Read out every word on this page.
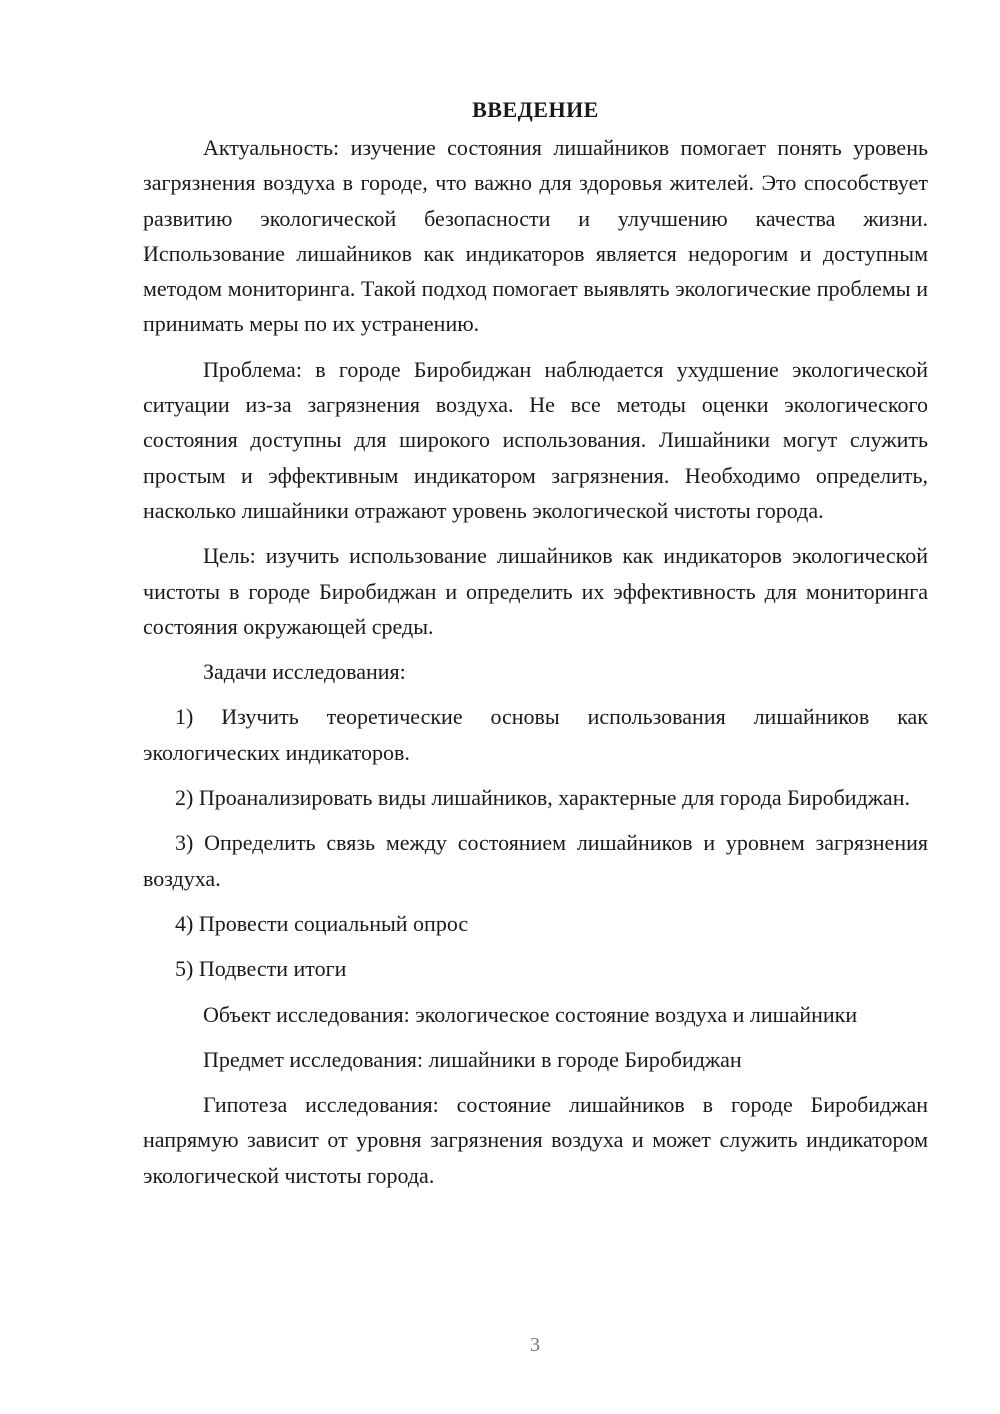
ВВЕДЕНИЕ

Актуальность: изучение состояния лишайников помогает понять уровень загрязнения воздуха в городе, что важно для здоровья жителей. Это способствует развитию экологической безопасности и улучшению качества жизни. Использование лишайников как индикаторов является недорогим и доступным методом мониторинга. Такой подход помогает выявлять экологические проблемы и принимать меры по их устранению.

Проблема: в городе Биробиджан наблюдается ухудшение экологической ситуации из-за загрязнения воздуха. Не все методы оценки экологического состояния доступны для широкого использования. Лишайники могут служить простым и эффективным индикатором загрязнения. Необходимо определить, насколько лишайники отражают уровень экологической чистоты города.

Цель: изучить использование лишайников как индикаторов экологической чистоты в городе Биробиджан и определить их эффективность для мониторинга состояния окружающей среды.

Задачи исследования:

1) Изучить теоретические основы использования лишайников как экологических индикаторов.

2) Проанализировать виды лишайников, характерные для города Биробиджан.

3) Определить связь между состоянием лишайников и уровнем загрязнения воздуха.

4) Провести социальный опрос

5) Подвести итоги

Объект исследования: экологическое состояние воздуха и лишайники

Предмет исследования: лишайники в городе Биробиджан

Гипотеза исследования: состояние лишайников в городе Биробиджан напрямую зависит от уровня загрязнения воздуха и может служить индикатором экологической чистоты города.

3
